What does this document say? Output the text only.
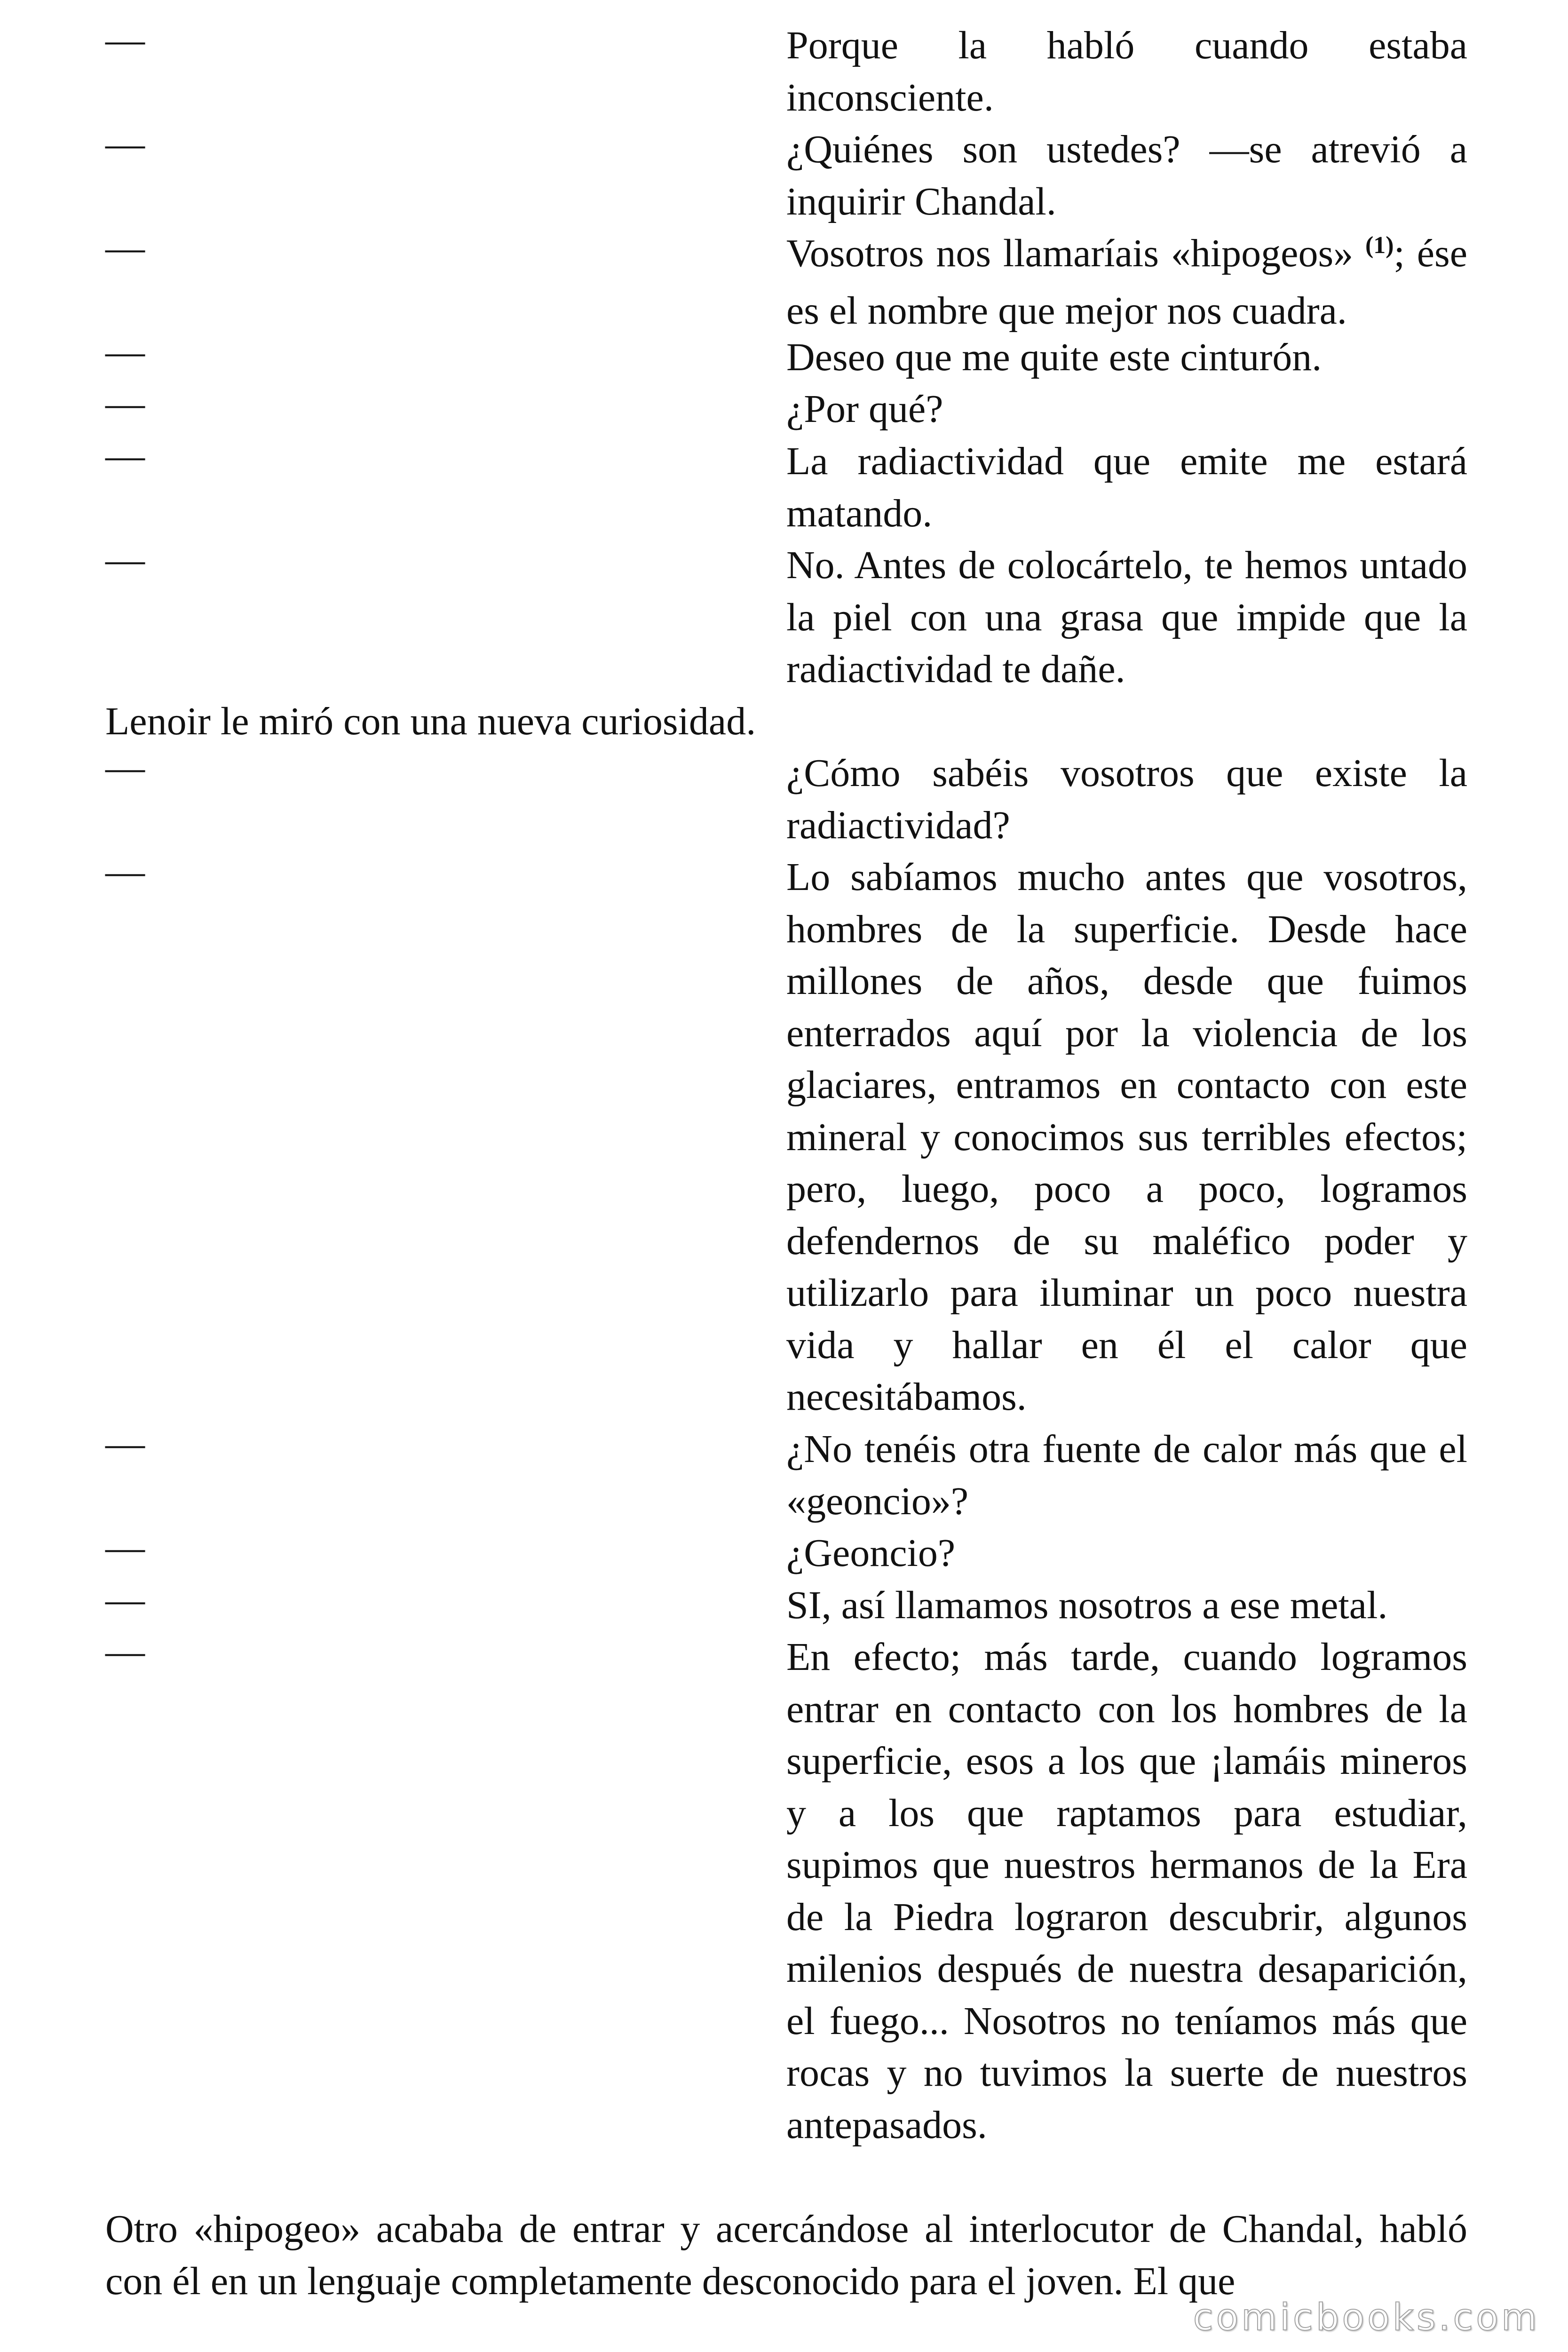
—	Porque la habló cuando estaba inconsciente.

—	¿Quiénes son ustedes? —se atrevió a inquirir Chandal.

—	Vosotros nos llamaríais «hipogeos» $^{(1)}$; ése es el nombre que mejor nos cuadra.

—	Deseo que me quite este cinturón.

—	¿Por qué?

—	La radiactividad que emite me estará matando.

—	No. Antes de colocártelo, te hemos untado la piel con una grasa que impide que la radiactividad te dañe.

Lenoir le miró con una nueva curiosidad.

—	¿Cómo sabéis vosotros que existe la radiactividad?

—	Lo sabíamos mucho antes que vosotros, hombres de la superficie. Desde hace millones de años, desde que fuimos enterrados aquí por la violencia de los glaciares, entramos en contacto con este mineral y conocimos sus terribles efectos; pero, luego, poco a poco, logramos defendernos de su maléfico poder y utilizarlo para iluminar un poco nuestra vida y hallar en él el calor que necesitábamos.

—	¿No tenéis otra fuente de calor más que el «geoncio»?

—	¿Geoncio?

—	SI, así llamamos nosotros a ese metal.

—	En efecto; más tarde, cuando logramos entrar en contacto con los hombres de la superficie, esos a los que ¡lamáis mineros y a los que raptamos para estudiar, supimos que nuestros hermanos de la Era de la Piedra lograron descubrir, algunos milenios después de nuestra desaparición, el fuego... Nosotros no teníamos más que rocas y no tuvimos la suerte de nuestros antepasados.

Otro «hipogeo» acababa de entrar y acercándose al interlocutor de Chandal, habló con él en un lenguaje completamente desconocido para el joven. El que

comicbooks.com
